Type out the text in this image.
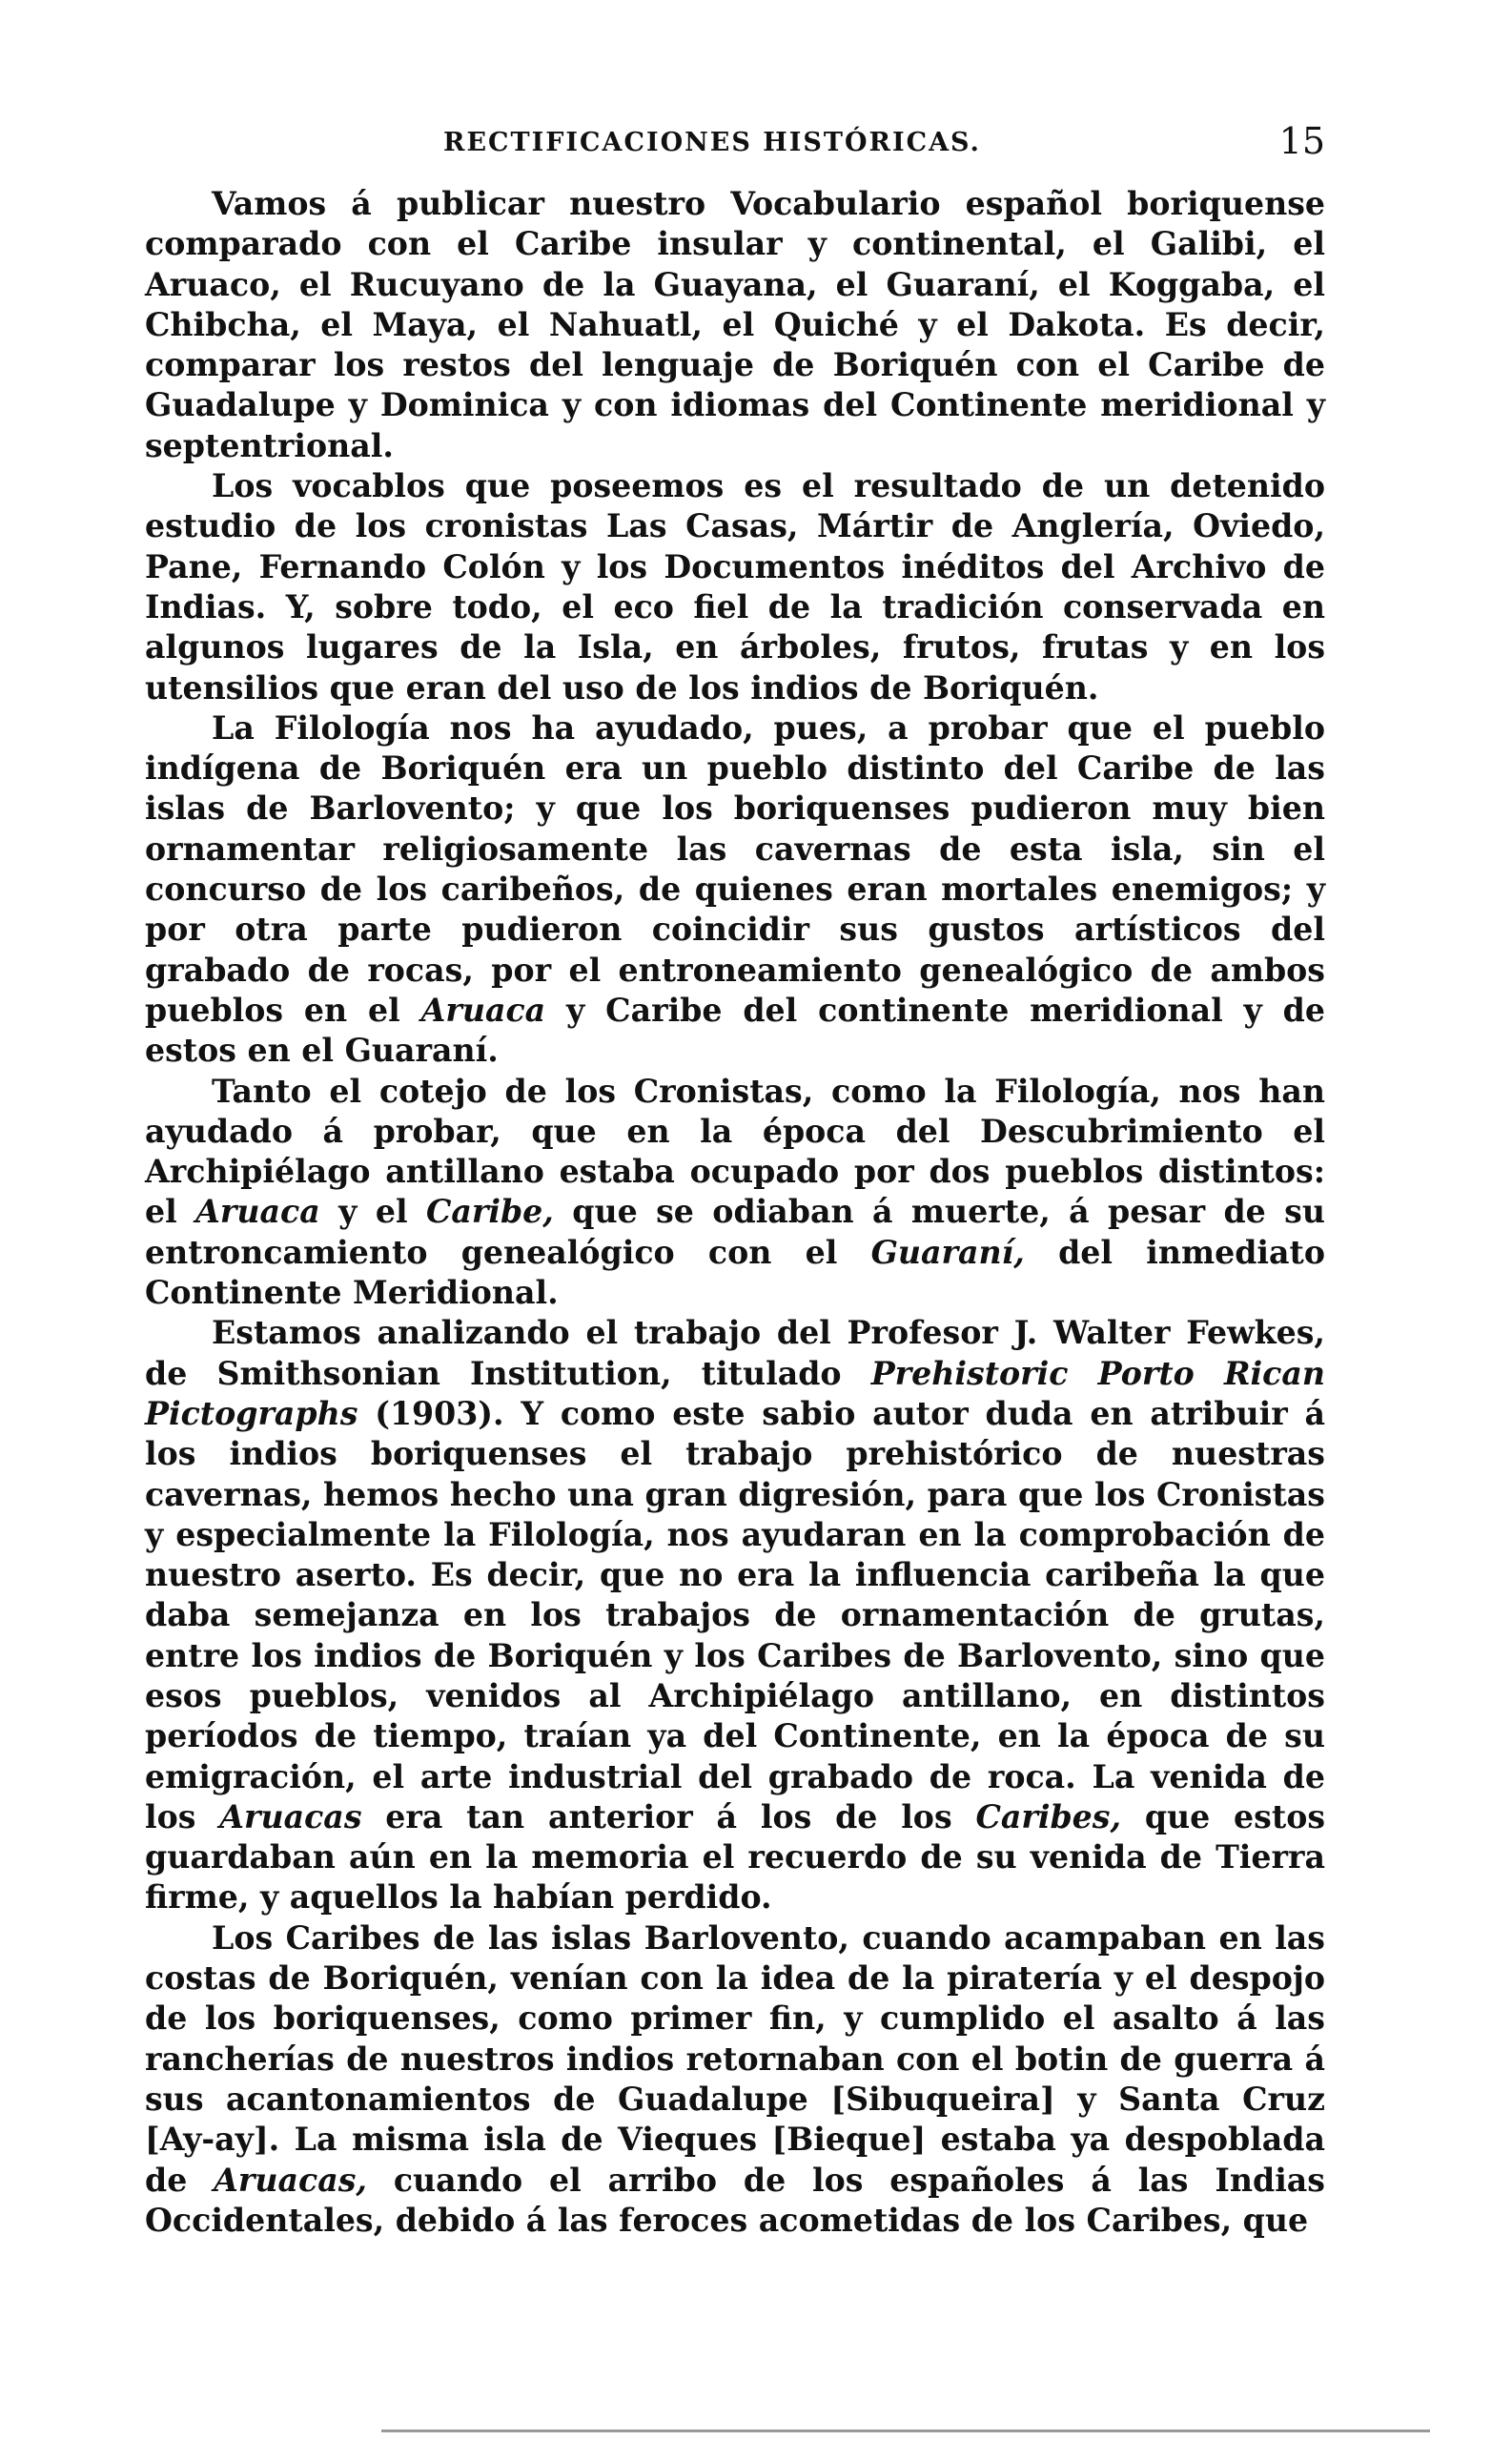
RECTIFICACIONES HISTÓRICAS.	15

Vamos á publicar nuestro Vocabulario español boriquense comparado con el Caribe insular y continental, el Galibi, el Aruaco, el Rucuyano de la Guayana, el Guaraní, el Koggaba, el Chibcha, el Maya, el Nahuatl, el Quiché y el Dakota. Es decir, comparar los restos del lenguaje de Boriquén con el Caribe de Guadalupe y Dominica y con idiomas del Continente meridional y septentrional.

Los vocablos que poseemos es el resultado de un detenido estudio de los cronistas Las Casas, Mártir de Anglería, Oviedo, Pane, Fernando Colón y los Documentos inéditos del Archivo de Indias. Y, sobre todo, el eco fiel de la tradición conservada en algunos lugares de la Isla, en árboles, frutos, frutas y en los utensilios que eran del uso de los indios de Boriquén.

La Filología nos ha ayudado, pues, a probar que el pueblo indígena de Boriquén era un pueblo distinto del Caribe de las islas de Barlovento; y que los boriquenses pudieron muy bien ornamentar religiosamente las cavernas de esta isla, sin el concurso de los caribeños, de quienes eran mortales enemigos; y por otra parte pudieron coincidir sus gustos artísticos del grabado de rocas, por el entroneamiento genealógico de ambos pueblos en el Aruaca y Caribe del continente meridional y de estos en el Guaraní.

Tanto el cotejo de los Cronistas, como la Filología, nos han ayudado á probar, que en la época del Descubrimiento el Archipiélago antillano estaba ocupado por dos pueblos distintos: el Aruaca y el Caribe, que se odiaban á muerte, á pesar de su entroncamiento genealógico con el Guaraní, del inmediato Continente Meridional.

Estamos analizando el trabajo del Profesor J. Walter Fewkes, de Smithsonian Institution, titulado Prehistoric Porto Rican Pictographs (1903). Y como este sabio autor duda en atribuir á los indios boriquenses el trabajo prehistórico de nuestras cavernas, hemos hecho una gran digresión, para que los Cronistas y especialmente la Filología, nos ayudaran en la comprobación de nuestro aserto. Es decir, que no era la influencia caribeña la que daba semejanza en los trabajos de ornamentación de grutas, entre los indios de Boriquén y los Caribes de Barlovento, sino que esos pueblos, venidos al Archipiélago antillano, en distintos períodos de tiempo, traían ya del Continente, en la época de su emigración, el arte industrial del grabado de roca. La venida de los Aruacas era tan anterior á los de los Caribes, que estos guardaban aún en la memoria el recuerdo de su venida de Tierra firme, y aquellos la habían perdido.

Los Caribes de las islas Barlovento, cuando acampaban en las costas de Boriquén, venían con la idea de la piratería y el despojo de los boriquenses, como primer fin, y cumplido el asalto á las rancherías de nuestros indios retornaban con el botin de guerra á sus acantonamientos de Guadalupe [Sibuqueira] y Santa Cruz [Ay-ay]. La misma isla de Vieques [Bieque] estaba ya despoblada de Aruacas, cuando el arribo de los españoles á las Indias Occidentales, debido á las feroces acometidas de los Caribes, que
